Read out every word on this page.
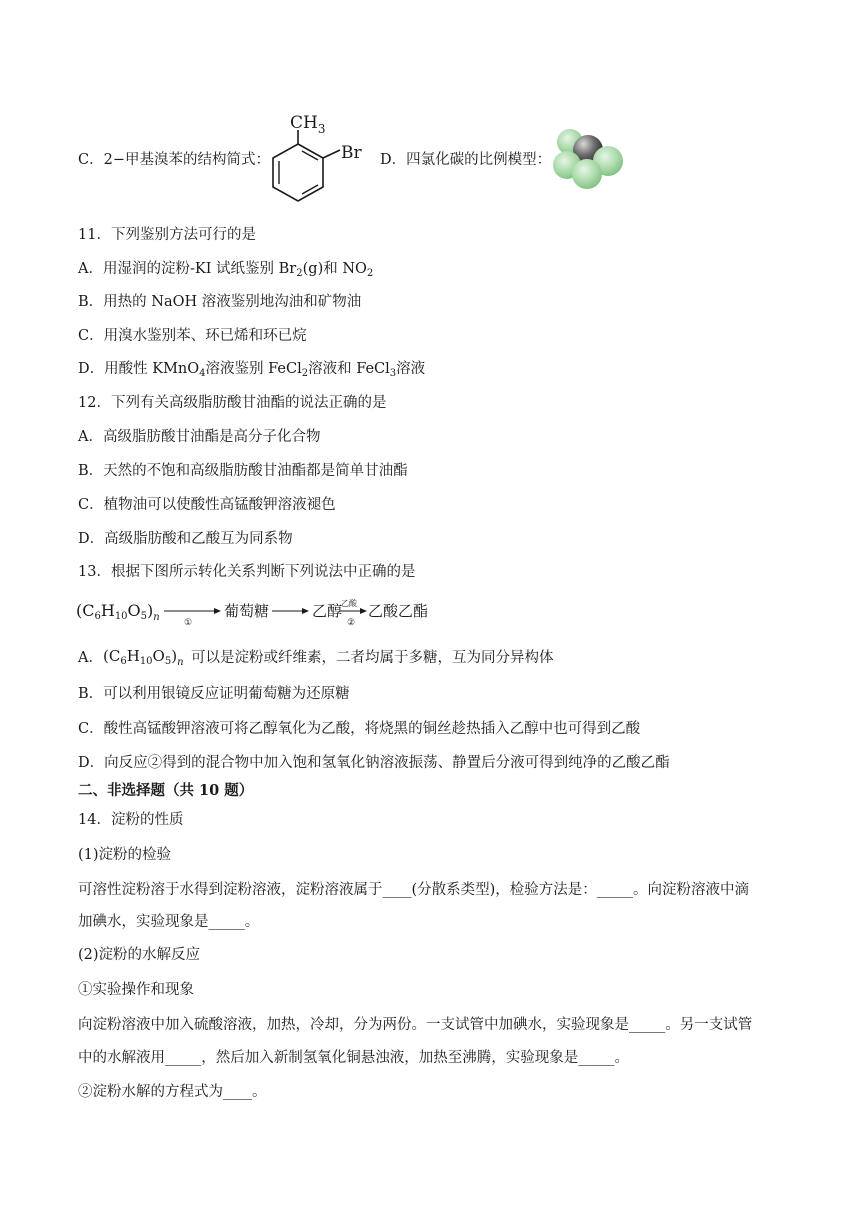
C．2−甲基溴苯的结构简式：
$CH_3$
Br D．四氯化碳的比例模型：
11．下列鉴别方法可行的是
A．用湿润的淀粉-KI 试纸鉴别 $Br_2(g)$和 $NO_2$
B．用热的 NaOH 溶液鉴别地沟油和矿物油
C．用溴水鉴别苯、环已烯和环已烷
D．用酸性 KMnO$_4$溶液鉴别 FeCl$_2$溶液和 FeCl$_3$溶液
12．下列有关高级脂肪酸甘油酯的说法正确的是
A．高级脂肪酸甘油酯是高分子化合物
B．天然的不饱和高级脂肪酸甘油酯都是简单甘油酯
C．植物油可以使酸性高锰酸钾溶液褪色
D．高级脂肪酸和乙酸互为同系物
13．根据下图所示转化关系判断下列说法中正确的是
$(C6H10O5)_n$	①
葡萄糖	乙醇
乙酸
②
乙酸乙酯
A． $(C_6H_{10}O_5)_n$ 可以是淀粉或纤维素，二者均属于多糖，互为同分异构体
B．可以利用银镜反应证明葡萄糖为还原糖
C．酸性高锰酸钾溶液可将乙醇氧化为乙酸，将烧黑的铜丝趁热插入乙醇中也可得到乙酸
D．向反应②得到的混合物中加入饱和氢氧化钠溶液振荡、静置后分液可得到纯净的乙酸乙酯
二、非选择题（共 10 题）
14．淀粉的性质
(1)淀粉的检验
可溶性淀粉溶于水得到淀粉溶液，淀粉溶液属于____(分散系类型)，检验方法是：_____。向淀粉溶液中滴
加碘水，实验现象是_____。
(2)淀粉的水解反应
①实验操作和现象
向淀粉溶液中加入硫酸溶液，加热，冷却，分为两份。一支试管中加碘水，实验现象是_____。另一支试管
中的水解液用_____，然后加入新制氢氧化铜悬浊液，加热至沸腾，实验现象是_____。
②淀粉水解的方程式为____。
